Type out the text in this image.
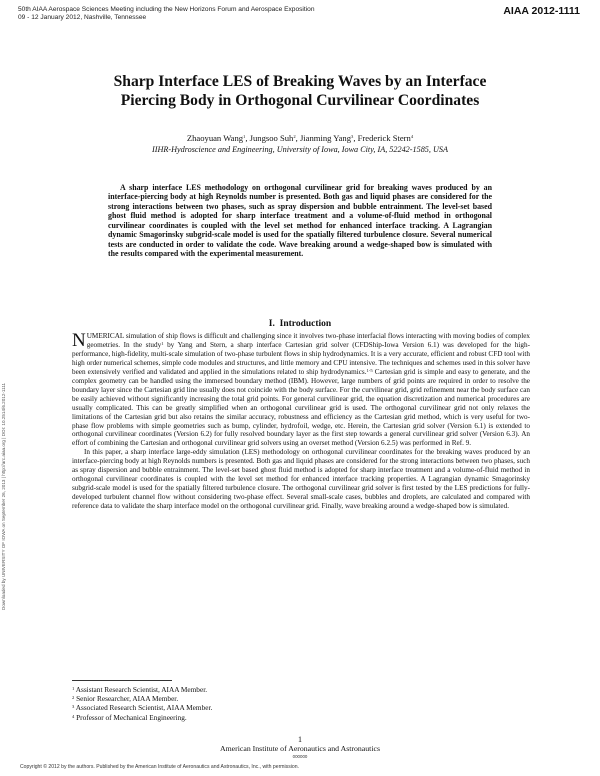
50th AIAA Aerospace Sciences Meeting including the New Horizons Forum and Aerospace Exposition
09 - 12 January 2012, Nashville, Tennessee
AIAA 2012-1111
Downloaded by UNIVERSITY OF IOWA on September 26, 2013 | http://arc.aiaa.org | DOI: 10.2514/6.2012-1111
Sharp Interface LES of Breaking Waves by an Interface
Piercing Body in Orthogonal Curvilinear Coordinates
Zhaoyuan Wang$^1$, Jungsoo Suh$^2$, Jianming Yang$^3$, Frederick Stern$^4$
IIHR-Hydroscience and Engineering, University of Iowa, Iowa City, IA, 52242-1585, USA
A sharp interface LES methodology on orthogonal curvilinear grid for breaking waves produced by an interface-piercing body at high Reynolds number is presented. Both gas and liquid phases are considered for the strong interactions between two phases, such as spray dispersion and bubble entrainment. The level-set based ghost fluid method is adopted for sharp interface treatment and a volume-of-fluid method in orthogonal curvilinear coordinates is coupled with the level set method for enhanced interface tracking. A Lagrangian dynamic Smagorinsky subgrid-scale model is used for the spatially filtered turbulence closure. Several numerical tests are conducted in order to validate the code. Wave breaking around a wedge-shaped bow is simulated with the results compared with the experimental measurement.
I. Introduction

NUMERICAL simulation of ship flows is difficult and challenging since it involves two-phase interfacial flows interacting with moving bodies of complex geometries. In the study$^1$ by Yang and Stern, a sharp interface Cartesian grid solver (CFDShip-Iowa Version 6.1) was developed for the high-performance, high-fidelity, multi-scale simulation of two-phase turbulent flows in ship hydrodynamics. It is a very accurate, efficient and robust CFD tool with high order numerical schemes, simple code modules and structures, and little memory and CPU intensive. The techniques and schemes used in this solver have been extensively verified and validated and applied in the simulations related to ship hydrodynamics.$^{1-5}$ Cartesian grid is simple and easy to generate, and the complex geometry can be handled using the immersed boundary method (IBM). However, large numbers of grid points are required in order to resolve the boundary layer since the Cartesian grid line usually does not coincide with the body surface. For the curvilinear grid, grid refinement near the body surface can be easily achieved without significantly increasing the total grid points. For general curvilinear grid, the equation discretization and numerical procedures are usually complicated. This can be greatly simplified when an orthogonal curvilinear grid is used. The orthogonal curvilinear grid not only relaxes the limitations of the Cartesian grid but also retains the similar accuracy, robustness and efficiency as the Cartesian grid method, which is very useful for two-phase flow problems with simple geometries such as bump, cylinder, hydrofoil, wedge, etc. Herein, the Cartesian grid solver (Version 6.1) is extended to orthogonal curvilinear coordinates (Version 6.2) for fully resolved boundary layer as the first step towards a general curvilinear grid solver (Version 6.3). An effort of combining the Cartesian and orthogonal curvilinear grid solvers using an overset method (Version 6.2.5) was performed in Ref. 9.

In this paper, a sharp interface large-eddy simulation (LES) methodology on orthogonal curvilinear coordinates for the breaking waves produced by an interface-piercing body at high Reynolds numbers is presented. Both gas and liquid phases are considered for the strong interactions between two phases, such as spray dispersion and bubble entrainment. The level-set based ghost fluid method is adopted for sharp interface treatment and a volume-of-fluid method in orthogonal curvilinear coordinates is coupled with the level set method for enhanced interface tracking properties. A Lagrangian dynamic Smagorinsky subgrid-scale model is used for the spatially filtered turbulence closure. The orthogonal curvilinear grid solver is first tested by the LES predictions for fully-developed turbulent channel flow without considering two-phase effect. Several small-scale cases, bubbles and droplets, are calculated and compared with reference data to validate the sharp interface model on the orthogonal curvilinear grid. Finally, wave breaking around a wedge-shaped bow is simulated.

$^1$ Assistant Research Scientist, AIAA Member.
$^2$ Senior Researcher, AIAA Member.
$^3$ Associated Research Scientist, AIAA Member.
$^4$ Professor of Mechanical Engineering.
1
American Institute of Aeronautics and Astronautics
000000
Copyright © 2012 by the authors. Published by the American Institute of Aeronautics and Astronautics, Inc., with permission.
